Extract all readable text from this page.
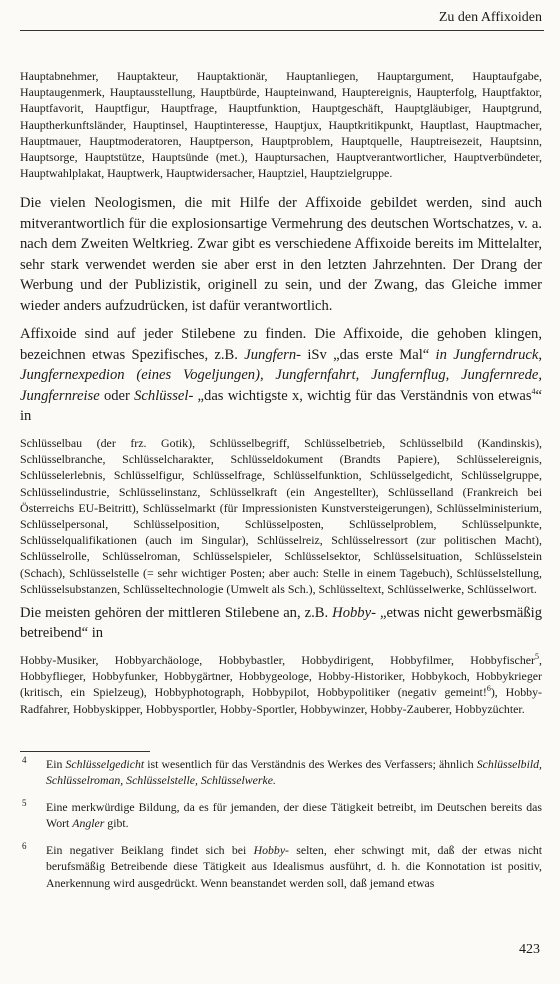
Zu den Affixoiden

Hauptabnehmer, Hauptakteur, Hauptaktionär, Hauptanliegen, Hauptargument, Hauptaufgabe, Hauptaugenmerk, Hauptausstellung, Hauptbürde, Haupteinwand, Hauptereignis, Haupterfolg, Hauptfaktor, Hauptfavorit, Hauptfigur, Hauptfrage, Hauptfunktion, Hauptgeschäft, Hauptgläubiger, Hauptgrund, Hauptherkunftsländer, Hauptinsel, Hauptinteresse, Hauptjux, Hauptkritikpunkt, Hauptlast, Hauptmacher, Hauptmauer, Hauptmoderatoren, Hauptperson, Hauptproblem, Hauptquelle, Hauptreisezeit, Hauptsinn, Hauptsorge, Hauptstütze, Hauptsünde (met.), Hauptursachen, Hauptverantwortlicher, Hauptverbündeter, Hauptwahlplakat, Hauptwerk, Hauptwidersacher, Hauptziel, Hauptzielgruppe.

Die vielen Neologismen, die mit Hilfe der Affixoide gebildet werden, sind auch mitverantwortlich für die explosionsartige Vermehrung des deutschen Wortschatzes, v. a. nach dem Zweiten Weltkrieg. Zwar gibt es verschiedene Affixoide bereits im Mittelalter, sehr stark verwendet werden sie aber erst in den letzten Jahrzehnten. Der Drang der Werbung und der Publizistik, originell zu sein, und der Zwang, das Gleiche immer wieder anders aufzudrücken, ist dafür verantwortlich.

Affixoide sind auf jeder Stilebene zu finden. Die Affixoide, die gehoben klingen, bezeichnen etwas Spezifisches, z.B. Jungfern- iSv „das erste Mal“ in Jungferndruck, Jungfernexpedion (eines Vogeljungen), Jungfernfahrt, Jungfernflug, Jungfernrede, Jungfernreise oder Schlüssel- „das wichtigste x, wichtig für das Verständnis von etwas$^4$“ in

Schlüsselbau (der frz. Gotik), Schlüsselbegriff, Schlüsselbetrieb, Schlüsselbild (Kandinskis), Schlüsselbranche, Schlüsselcharakter, Schlüsseldokument (Brandts Papiere), Schlüsselereignis, Schlüsselerlebnis, Schlüsselfigur, Schlüsselfrage, Schlüsselfunktion, Schlüsselgedicht, Schlüsselgruppe, Schlüsselindustrie, Schlüsselinstanz, Schlüsselkraft (ein Angestellter), Schlüsselland (Frankreich bei Österreichs EU-Beitritt), Schlüsselmarkt (für Impressionisten Kunstversteigerungen), Schlüsselministerium, Schlüsselpersonal, Schlüsselposition, Schlüsselposten, Schlüsselproblem, Schlüsselpunkte, Schlüsselqualifikationen (auch im Singular), Schlüsselreiz, Schlüsselressort (zur politischen Macht), Schlüsselrolle, Schlüsselroman, Schlüsselspieler, Schlüsselsektor, Schlüsselsituation, Schlüsselstein (Schach), Schlüsselstelle (= sehr wichtiger Posten; aber auch: Stelle in einem Tagebuch), Schlüsselstellung, Schlüsselsubstanzen, Schlüsseltechnologie (Umwelt als Sch.), Schlüsseltext, Schlüsselwerke, Schlüsselwort.

Die meisten gehören der mittleren Stilebene an, z.B. Hobby- „etwas nicht gewerbsmäßig betreibend“ in

Hobby-Musiker, Hobbyarchäologe, Hobbybastler, Hobbydirigent, Hobbyfilmer, Hobbyfischer$^5$, Hobbyflieger, Hobbyfunker, Hobbygärtner, Hobbygeologe, Hobby-Historiker, Hobbykoch, Hobbykrieger (kritisch, ein Spielzeug), Hobbyphotograph, Hobbypilot, Hobbypolitiker (negativ gemeint!$^6$), Hobby-Radfahrer, Hobbyskipper, Hobbysportler, Hobby-Sportler, Hobbywinzer, Hobby-Zauberer, Hobbyzüchter.

4 Ein Schlüsselgedicht ist wesentlich für das Verständnis des Werkes des Verfassers; ähnlich Schlüsselbild, Schlüsselroman, Schlüsselstelle, Schlüsselwerke.

5 Eine merkwürdige Bildung, da es für jemanden, der diese Tätigkeit betreibt, im Deutschen bereits das Wort Angler gibt.

6 Ein negativer Beiklang findet sich bei Hobby- selten, eher schwingt mit, daß der etwas nicht berufsmäßig Betreibende diese Tätigkeit aus Idealismus ausführt, d. h. die Konnotation ist positiv, Anerkennung wird ausgedrückt. Wenn beanstandet werden soll, daß jemand etwas

423
